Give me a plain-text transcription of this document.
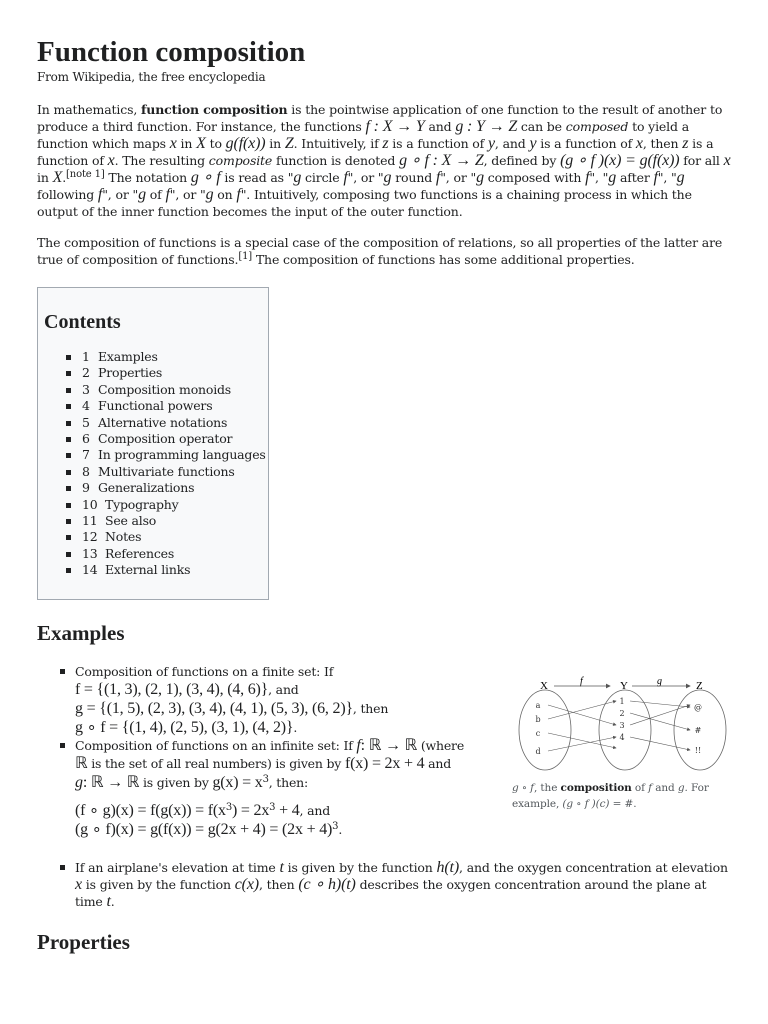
Function composition
From Wikipedia, the free encyclopedia

In mathematics, function composition is the pointwise application of one function to the result of another to produce a third function. For instance, the functions f : X → Y and g : Y → Z can be composed to yield a function which maps x in X to g(f(x)) in Z. Intuitively, if z is a function of y, and y is a function of x, then z is a function of x. The resulting composite function is denoted g ∘ f : X → Z, defined by (g ∘ f )(x) = g(f(x)) for all x in X.[note 1] The notation g ∘ f is read as "g circle f", or "g round f", or "g composed with f", "g after f", "g following f", or "g of f", or "g on f". Intuitively, composing two functions is a chaining process in which the output of the inner function becomes the input of the outer function.

The composition of functions is a special case of the composition of relations, so all properties of the latter are true of composition of functions.[1] The composition of functions has some additional properties.

Contents
1 Examples
2 Properties
3 Composition monoids
4 Functional powers
5 Alternative notations
6 Composition operator
7 In programming languages
8 Multivariate functions
9 Generalizations
10 Typography
11 See also
12 Notes
13 References
14 External links
Examples
Composition of functions on a finite set: If
f = {(1, 3), (2, 1), (3, 4), (4, 6)}, and
g = {(1, 5), (2, 3), (3, 4), (4, 1), (5, 3), (6, 2)}, then
g ∘ f = {(1, 4), (2, 5), (3, 1), (4, 2)}.
Composition of functions on an infinite set: If f: ℝ → ℝ (where
ℝ is the set of all real numbers) is given by f(x) = 2x + 4 and
g: ℝ → ℝ is given by $g(x) = x^3$, then:

(f ∘ $g)(x) = f(g(x)) = f(x^3) = 2x^3 + 4$, and
(g ∘ $f)(x) = g(f(x)) = g(2x + 4) = (2x + 4)^3$.
If an airplane's elevation at time t is given by the function h(t), and the oxygen concentration at elevation x is given by the function c(x), then (c ∘ h)(t) describes the oxygen concentration around the plane at time t.
X	Y	Z
f	g
a
b
c
d
1
2
3
4
@
#
!!
g ∘ f, the composition of f and g. For example, (g ∘ f )(c) = #.
Properties
